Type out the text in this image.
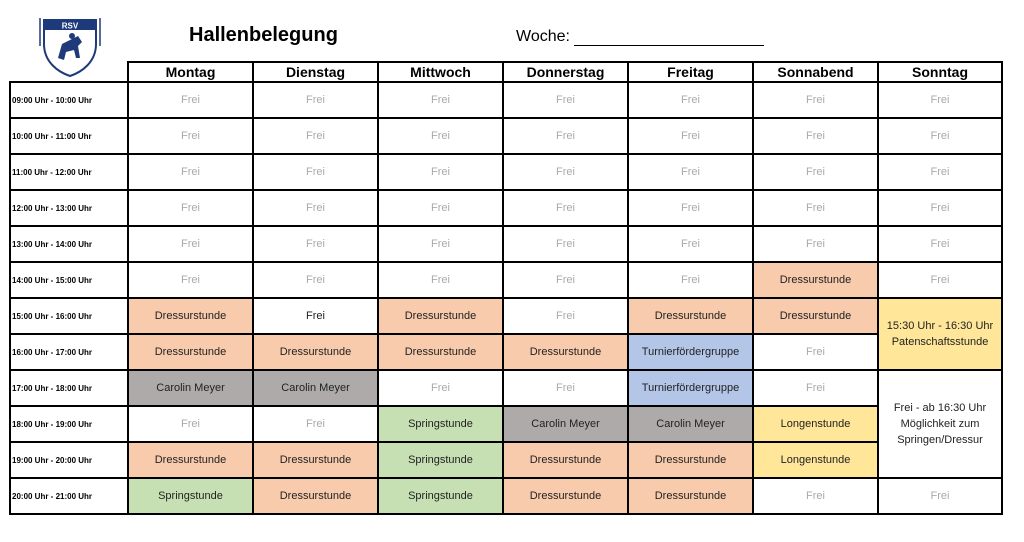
RSV	Hallenbelegung	Woche:
	Montag	Dienstag	Mittwoch	Donnerstag	Freitag	Sonnabend	Sonntag
09:00 Uhr - 10:00 Uhr	Frei	Frei	Frei	Frei	Frei	Frei	Frei
10:00 Uhr - 11:00 Uhr	Frei	Frei	Frei	Frei	Frei	Frei	Frei
11:00 Uhr - 12:00 Uhr	Frei	Frei	Frei	Frei	Frei	Frei	Frei
12:00 Uhr - 13:00 Uhr	Frei	Frei	Frei	Frei	Frei	Frei	Frei
13:00 Uhr - 14:00 Uhr	Frei	Frei	Frei	Frei	Frei	Frei	Frei
14:00 Uhr - 15:00 Uhr	Frei	Frei	Frei	Frei	Frei	Dressurstunde	Frei
15:00 Uhr - 16:00 Uhr	Dressurstunde	Frei	Dressurstunde	Frei	Dressurstunde	Dressurstunde	15:30 Uhr - 16:30 Uhr
Patenschaftsstunde

16:00 Uhr - 17:00 Uhr	Dressurstunde	Dressurstunde	Dressurstunde	Dressurstunde	Turnierfördergruppe	Frei	
17:00 Uhr - 18:00 Uhr	Carolin Meyer	Carolin Meyer	Frei	Frei	Turnierfördergruppe	Frei	Frei - ab 16:30 Uhr
Möglichkeit zum
Springen/Dressur

18:00 Uhr - 19:00 Uhr	Frei	Frei	Springstunde	Carolin Meyer	Carolin Meyer	Longenstunde	
19:00 Uhr - 20:00 Uhr	Dressurstunde	Dressurstunde	Springstunde	Dressurstunde	Dressurstunde	Longenstunde	
20:00 Uhr - 21:00 Uhr	Springstunde	Dressurstunde	Springstunde	Dressurstunde	Dressurstunde	Frei	Frei
